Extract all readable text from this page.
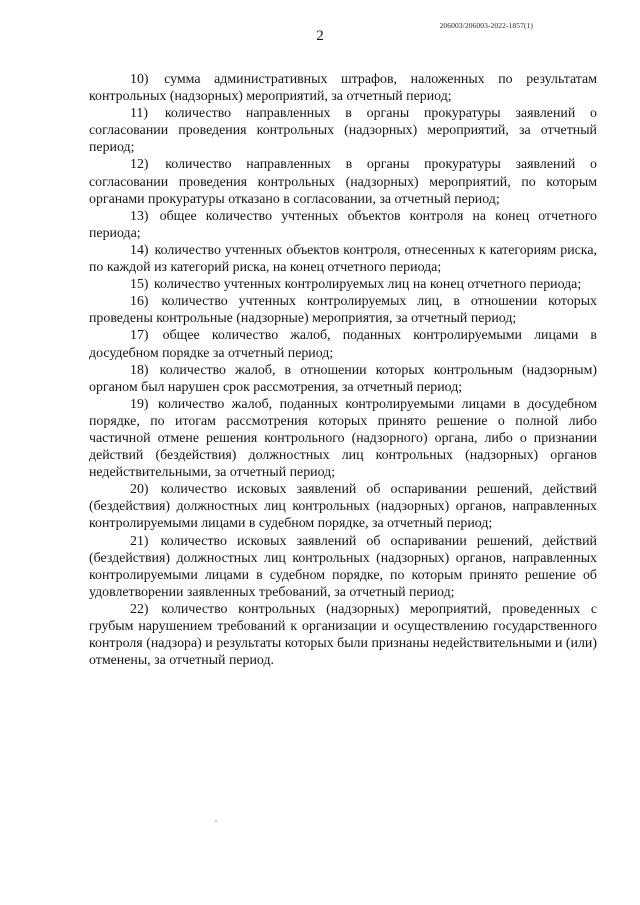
206003/206003-2022-1857(1)
2

10) сумма административных штрафов, наложенных по результатам контрольных (надзорных) мероприятий, за отчетный период;

11) количество направленных в органы прокуратуры заявлений о согласовании проведения контрольных (надзорных) мероприятий, за отчетный период;

12) количество направленных в органы прокуратуры заявлений о согласовании проведения контрольных (надзорных) мероприятий, по которым органами прокуратуры отказано в согласовании, за отчетный период;

13) общее количество учтенных объектов контроля на конец отчетного периода;

14) количество учтенных объектов контроля, отнесенных к категориям риска, по каждой из категорий риска, на конец отчетного периода;

15) количество учтенных контролируемых лиц на конец отчетного периода;

16) количество учтенных контролируемых лиц, в отношении которых проведены контрольные (надзорные) мероприятия, за отчетный период;

17) общее количество жалоб, поданных контролируемыми лицами в досудебном порядке за отчетный период;

18) количество жалоб, в отношении которых контрольным (надзорным) органом был нарушен срок рассмотрения, за отчетный период;

19) количество жалоб, поданных контролируемыми лицами в досудебном порядке, по итогам рассмотрения которых принято решение о полной либо частичной отмене решения контрольного (надзорного) органа, либо о признании действий (бездействия) должностных лиц контрольных (надзорных) органов недействительными, за отчетный период;

20) количество исковых заявлений об оспаривании решений, действий (бездействия) должностных лиц контрольных (надзорных) органов, направленных контролируемыми лицами в судебном порядке, за отчетный период;

21) количество исковых заявлений об оспаривании решений, действий (бездействия) должностных лиц контрольных (надзорных) органов, направленных контролируемыми лицами в судебном порядке, по которым принято решение об удовлетворении заявленных требований, за отчетный период;

22) количество контрольных (надзорных) мероприятий, проведенных с грубым нарушением требований к организации и осуществлению государственного контроля (надзора) и результаты которых были признаны недействительными и (или) отменены, за отчетный период.
